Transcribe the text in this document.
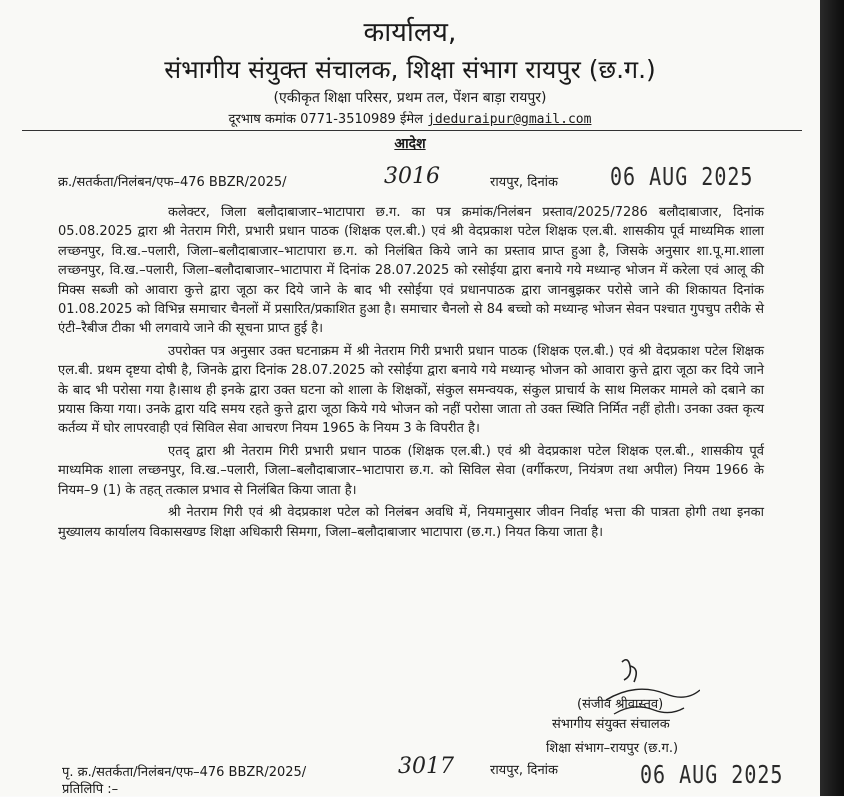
कार्यालय,
संभागीय संयुक्त संचालक, शिक्षा संभाग रायपुर (छ.ग.)
(एकीकृत शिक्षा परिसर, प्रथम तल, पेंशन बाड़ा रायपुर)
दूरभाष कमांक 0771-3510989 ईमेल jdeduraipur@gmail.com
आदेश
क्र./सतर्कता/निलंबन/एफ–476 BBZR/2025/	3016	रायपुर, दिनांक	06 AUG 2025

कलेक्टर, जिला बलौदाबाजार–भाटापारा छ.ग. का पत्र क्रमांक/निलंबन प्रस्ताव/2025/7286 बलौदाबाजार, दिनांक 05.08.2025 द्वारा श्री नेतराम गिरी, प्रभारी प्रधान पाठक (शिक्षक एल.बी.) एवं श्री वेदप्रकाश पटेल शिक्षक एल.बी. शासकीय पूर्व माध्यमिक शाला लच्छनपुर, वि.ख.–पलारी, जिला–बलौदाबाजार–भाटापारा छ.ग. को निलंबित किये जाने का प्रस्ताव प्राप्त हुआ है, जिसके अनुसार शा.पू.मा.शाला लच्छनपुर, वि.ख.–पलारी, जिला–बलौदाबाजार–भाटापारा में दिनांक 28.07.2025 को रसोईया द्वारा बनाये गये मध्यान्ह भोजन में करेला एवं आलू की मिक्स सब्जी को आवारा कुत्ते द्वारा जूठा कर दिये जाने के बाद भी रसोईया एवं प्रधानपाठक द्वारा जानबुझकर परोसे जाने की शिकायत दिनांक 01.08.2025 को विभिन्न समाचार चैनलों में प्रसारित/प्रकाशित हुआ है। समाचार चैनलो से 84 बच्चो को मध्यान्ह भोजन सेवन पश्चात गुपचुप तरीके से एंटी–रैबीज टीका भी लगवाये जाने की सूचना प्राप्त हुई है।

उपरोक्त पत्र अनुसार उक्त घटनाक्रम में श्री नेतराम गिरी प्रभारी प्रधान पाठक (शिक्षक एल.बी.) एवं श्री वेदप्रकाश पटेल शिक्षक एल.बी. प्रथम दृष्टया दोषी है, जिनके द्वारा दिनांक 28.07.2025 को रसोईया द्वारा बनाये गये मध्यान्ह भोजन को आवारा कुत्ते द्वारा जूठा कर दिये जाने के बाद भी परोसा गया है।साथ ही इनके द्वारा उक्त घटना को शाला के शिक्षकों, संकुल समन्वयक, संकुल प्राचार्य के साथ मिलकर मामले को दबाने का प्रयास किया गया। उनके द्वारा यदि समय रहते कुत्ते द्वारा जूठा किये गये भोजन को नहीं परोसा जाता तो उक्त स्थिति निर्मित नहीं होती। उनका उक्त कृत्य कर्तव्य में घोर लापरवाही एवं सिविल सेवा आचरण नियम 1965 के नियम 3 के विपरीत है।

एतद् द्वारा श्री नेतराम गिरी प्रभारी प्रधान पाठक (शिक्षक एल.बी.) एवं श्री वेदप्रकाश पटेल शिक्षक एल.बी., शासकीय पूर्व माध्यमिक शाला लच्छनपुर, वि.ख.–पलारी, जिला–बलौदाबाजार–भाटापारा छ.ग. को सिविल सेवा (वर्गीकरण, नियंत्रण तथा अपील) नियम 1966 के नियम–9 (1) के तहत् तत्काल प्रभाव से निलंबित किया जाता है।

श्री नेतराम गिरी एवं श्री वेदप्रकाश पटेल को निलंबन अवधि में, नियमानुसार जीवन निर्वाह भत्ता की पात्रता होगी तथा इनका मुख्यालय कार्यालय विकासखण्ड शिक्षा अधिकारी सिमगा, जिला–बलौदाबाजार भाटापारा (छ.ग.) नियत किया जाता है।

(संजीव श्रीवास्तव)
संभागीय संयुक्त संचालक
शिक्षा संभाग–रायपुर (छ.ग.)
पृ. क्र./सतर्कता/निलंबन/एफ–476 BBZR/2025/	3017	रायपुर, दिनांक	06 AUG 2025
प्रतिलिपि :–
